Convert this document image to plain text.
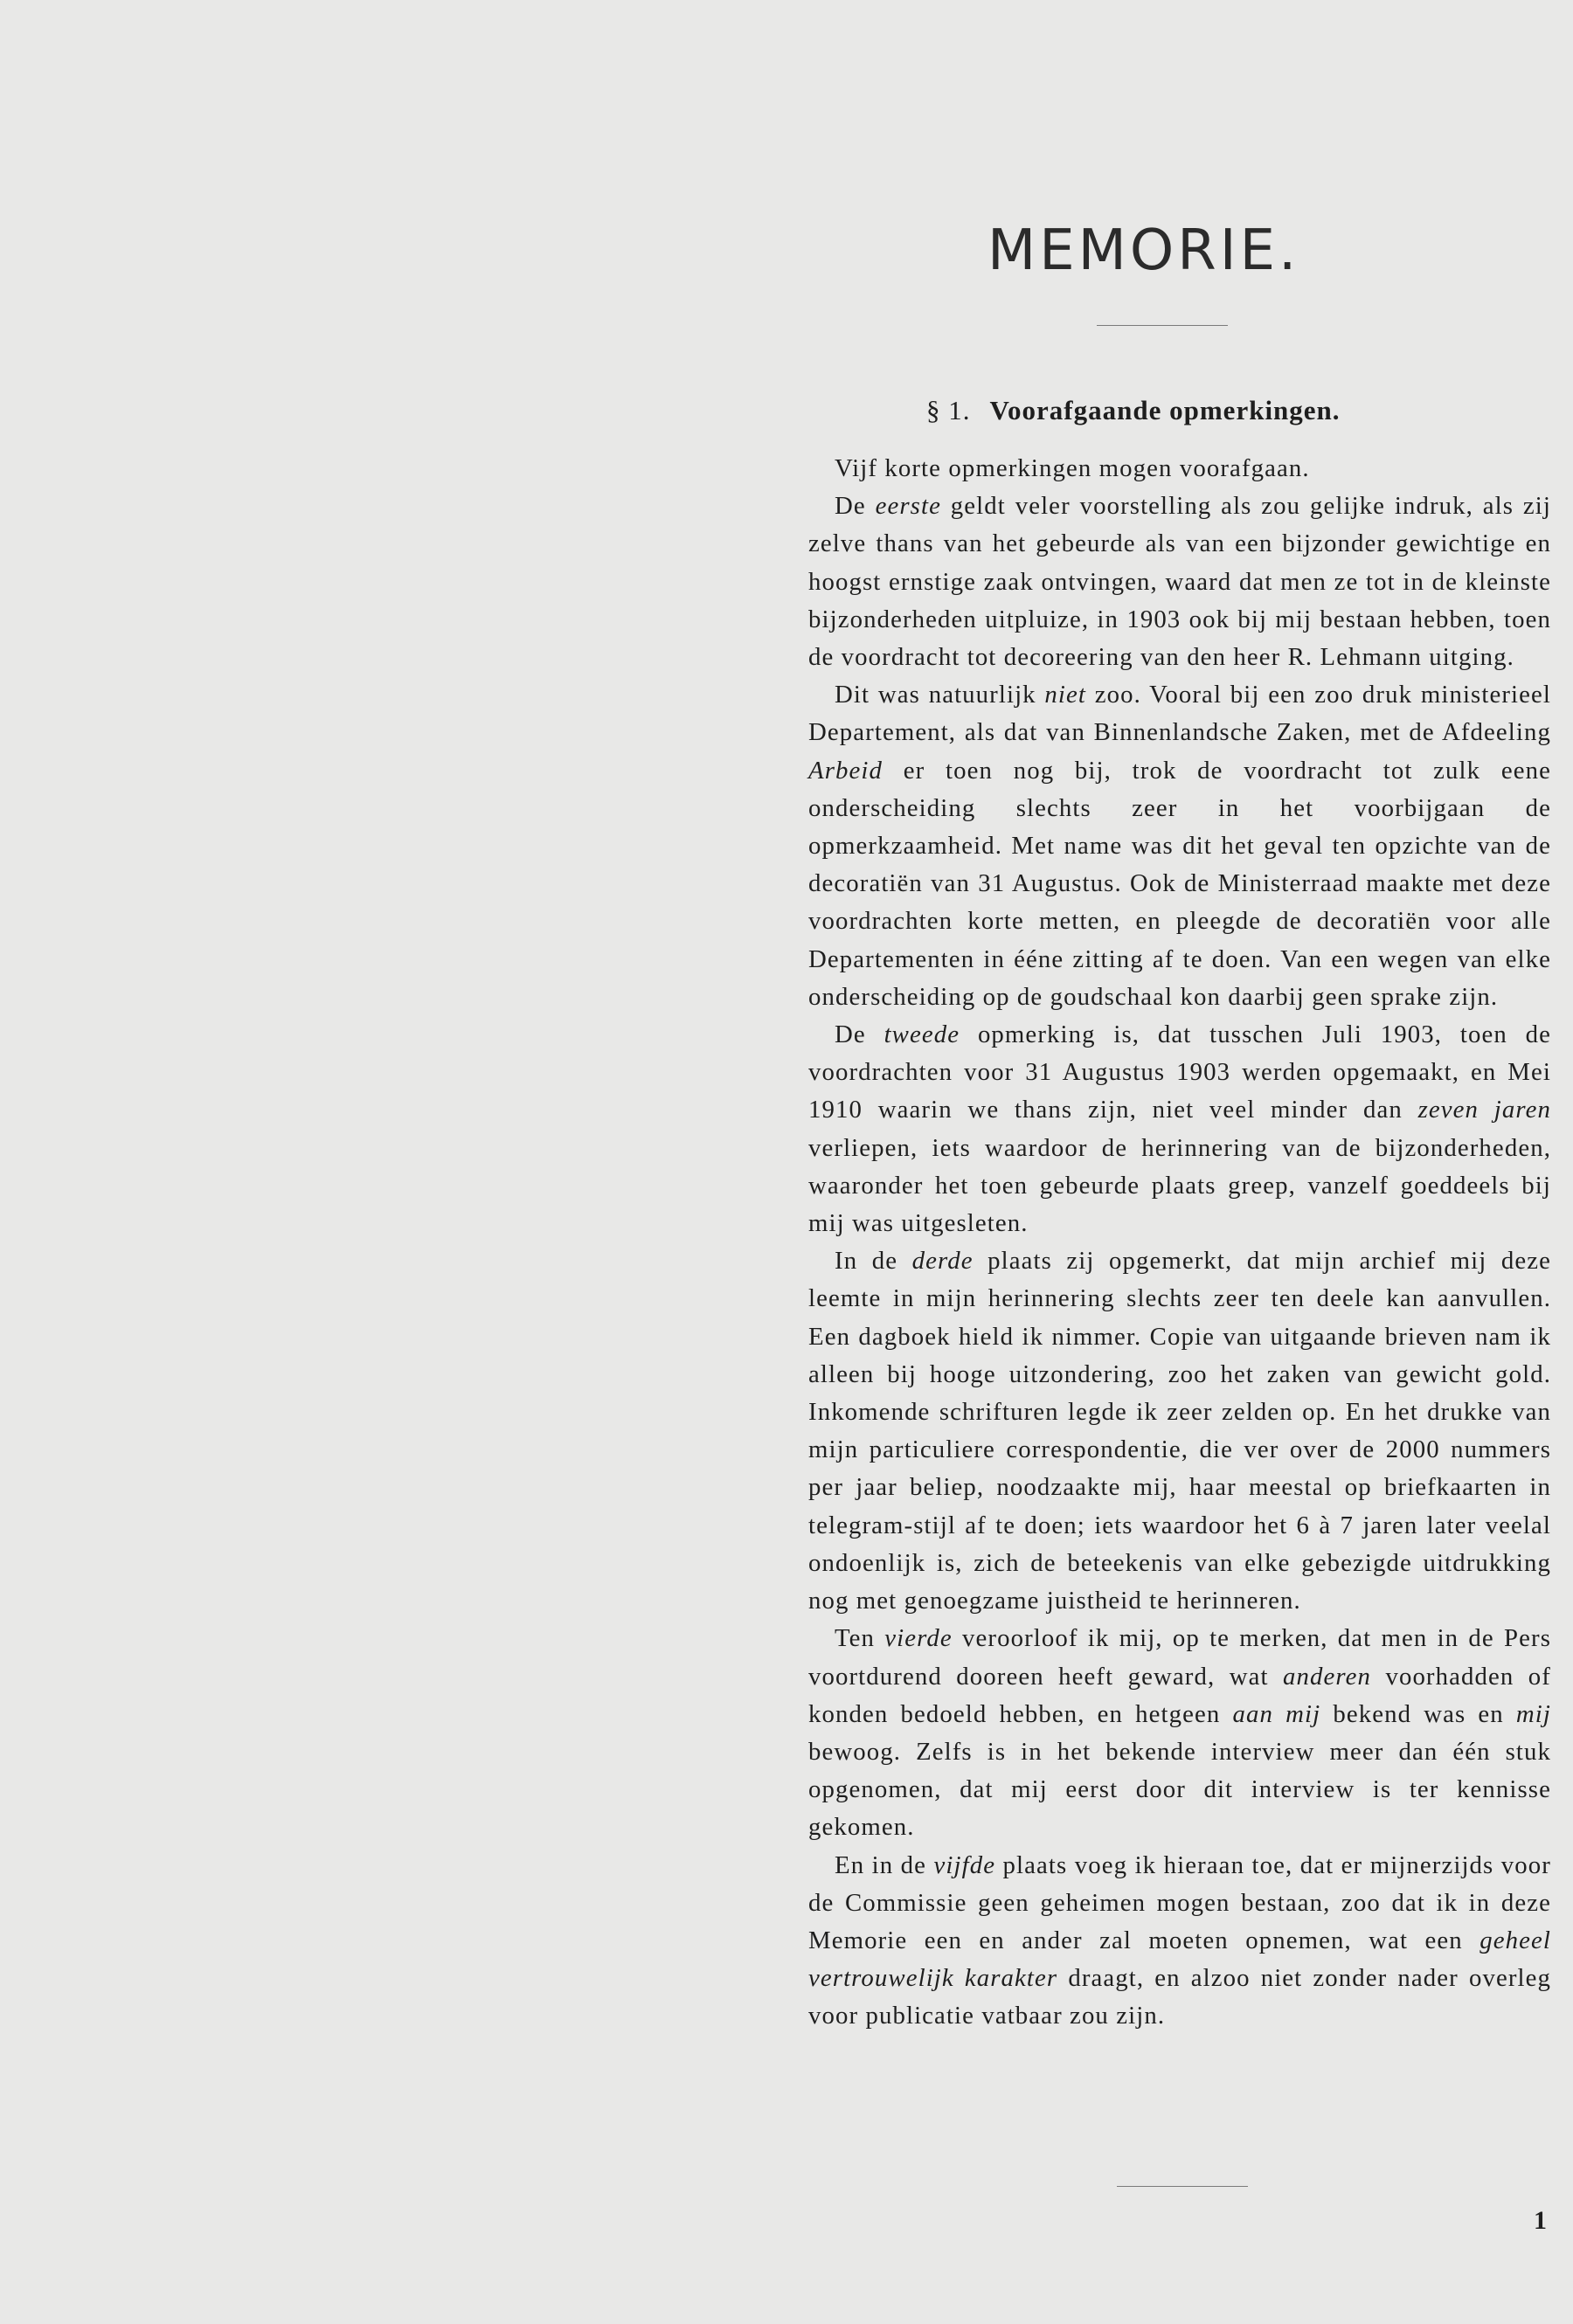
MEMORIE.
§ 1. Voorafgaande opmerkingen.

Vijf korte opmerkingen mogen voorafgaan.

De eerste geldt veler voorstelling als zou gelijke indruk, als zij zelve thans van het gebeurde als van een bijzonder gewichtige en hoogst ernstige zaak ontvingen, waard dat men ze tot in de kleinste bijzonderheden uitpluize, in 1903 ook bij mij bestaan hebben, toen de voordracht tot decoreering van den heer R. Lehmann uitging.

Dit was natuurlijk niet zoo. Vooral bij een zoo druk ministerieel Departement, als dat van Binnenlandsche Zaken, met de Afdeeling Arbeid er toen nog bij, trok de voordracht tot zulk eene onderscheiding slechts zeer in het voorbijgaan de opmerkzaamheid. Met name was dit het geval ten opzichte van de decoratiën van 31 Augustus. Ook de Ministerraad maakte met deze voordrachten korte metten, en pleegde de decoratiën voor alle Departementen in ééne zitting af te doen. Van een wegen van elke onderscheiding op de goudschaal kon daarbij geen sprake zijn.

De tweede opmerking is, dat tusschen Juli 1903, toen de voordrachten voor 31 Augustus 1903 werden opgemaakt, en Mei 1910 waarin we thans zijn, niet veel minder dan zeven jaren verliepen, iets waardoor de herinnering van de bijzonderheden, waaronder het toen gebeurde plaats greep, vanzelf goeddeels bij mij was uitgesleten.

In de derde plaats zij opgemerkt, dat mijn archief mij deze leemte in mijn herinnering slechts zeer ten deele kan aanvullen. Een dagboek hield ik nimmer. Copie van uitgaande brieven nam ik alleen bij hooge uitzondering, zoo het zaken van gewicht gold. Inkomende schrifturen legde ik zeer zelden op. En het drukke van mijn particuliere correspondentie, die ver over de 2000 nummers per jaar beliep, noodzaakte mij, haar meestal op briefkaarten in telegram-stijl af te doen; iets waardoor het 6 à 7 jaren later veelal ondoenlijk is, zich de beteekenis van elke gebezigde uitdrukking nog met genoegzame juistheid te herinneren.

Ten vierde veroorloof ik mij, op te merken, dat men in de Pers voortdurend dooreen heeft geward, wat anderen voorhadden of konden bedoeld hebben, en hetgeen aan mij bekend was en mij bewoog. Zelfs is in het bekende interview meer dan één stuk opgenomen, dat mij eerst door dit interview is ter kennisse gekomen.

En in de vijfde plaats voeg ik hieraan toe, dat er mijnerzijds voor de Commissie geen geheimen mogen bestaan, zoo dat ik in deze Memorie een en ander zal moeten opnemen, wat een geheel vertrouwelijk karakter draagt, en alzoo niet zonder nader overleg voor publicatie vatbaar zou zijn.

1
